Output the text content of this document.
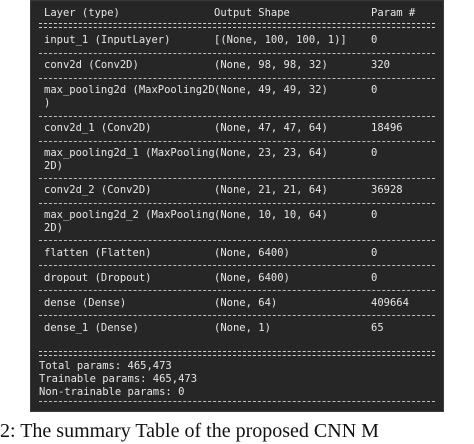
Layer (type)	Output Shape	Param #
input_1 (InputLayer)	[(None, 100, 100, 1)] 0
conv2d (Conv2D)	(None, 98, 98, 32)	320
max_pooling2d (MaxPooling2D
)
(None, 49, 49, 32)	0
conv2d_1 (Conv2D)	(None, 47, 47, 64)	18496
max_pooling2d_1 (MaxPooling
2D)
(None, 23, 23, 64)	0
conv2d_2 (Conv2D)	(None, 21, 21, 64)	36928
max_pooling2d_2 (MaxPooling
2D)
(None, 10, 10, 64)	0
flatten (Flatten)	(None, 6400)	0
dropout (Dropout)	(None, 6400)	0
dense (Dense)	(None, 64)	409664
dense_1 (Dense)	(None, 1)	65
Total params: 465,473
Trainable params: 465,473
Non-trainable params: 0
2: The summary Table of the proposed CNN M
